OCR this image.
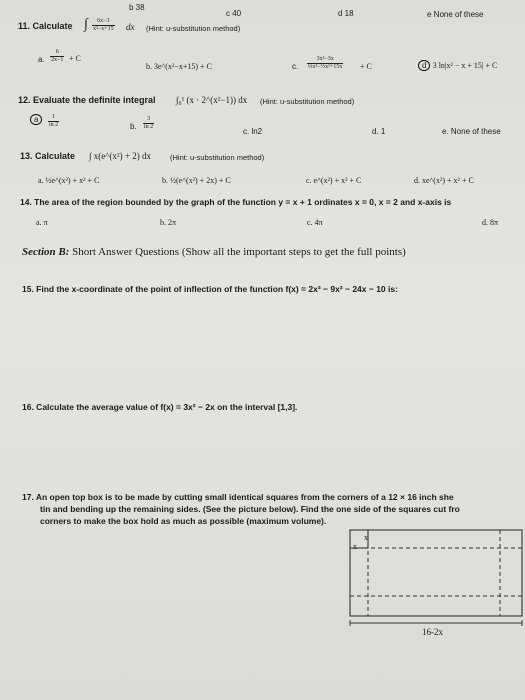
b 38
c 40	d 18	e None of these
11. Calculate ∫ $\frac{6x-3}{\text{x²−x+15}}$ dx (Hint: u-substitution method)
a. $\frac{6}{2x-1} + C$
b. 3e^(x²−x+15) + C	c. $\frac{\text{3x²−3x}}{\text{⅓x³−½x²+15x}} + C$	d 3 ln|x² − x + 15| + C
12. Evaluate the definite integral ∫₀¹ (x · 2^(x²−1)) dx (Hint: u-substitution method)
a	$\frac{1}{\ln 2}$	b. $\frac{3}{\ln 2}$
c. ln2	d. 1	e. None of these
13. Calculate ∫ x(e^(x²) + 2) dx	(Hint: u-substitution method)
a. ½e^(x²) + x² + C	b. ½(e^(x²) + 2x) + C	c. e^(x²) + x² + C	d. xe^(x²) + x² + C
14. The area of the region bounded by the graph of the function y = x + 1 ordinates x = 0, x = 2 and x-axis is
a. π	b. 2π	c. 4π	d. 8π
Section B: Short Answer Questions (Show all the important steps to get the full points)
15. Find the x-coordinate of the point of inflection of the function f(x) = 2x³ − 9x² − 24x − 10 is:
16. Calculate the average value of f(x) = 3x² − 2x on the interval [1,3].
17. An open top box is to be made by cutting small identical squares from the corners of a 12 × 16 inch she
tin and bending up the remaining sides. (See the picture below). Find the one side of the squares cut fro
corners to make the box hold as much as possible (maximum volume).
x
x
16-2x
